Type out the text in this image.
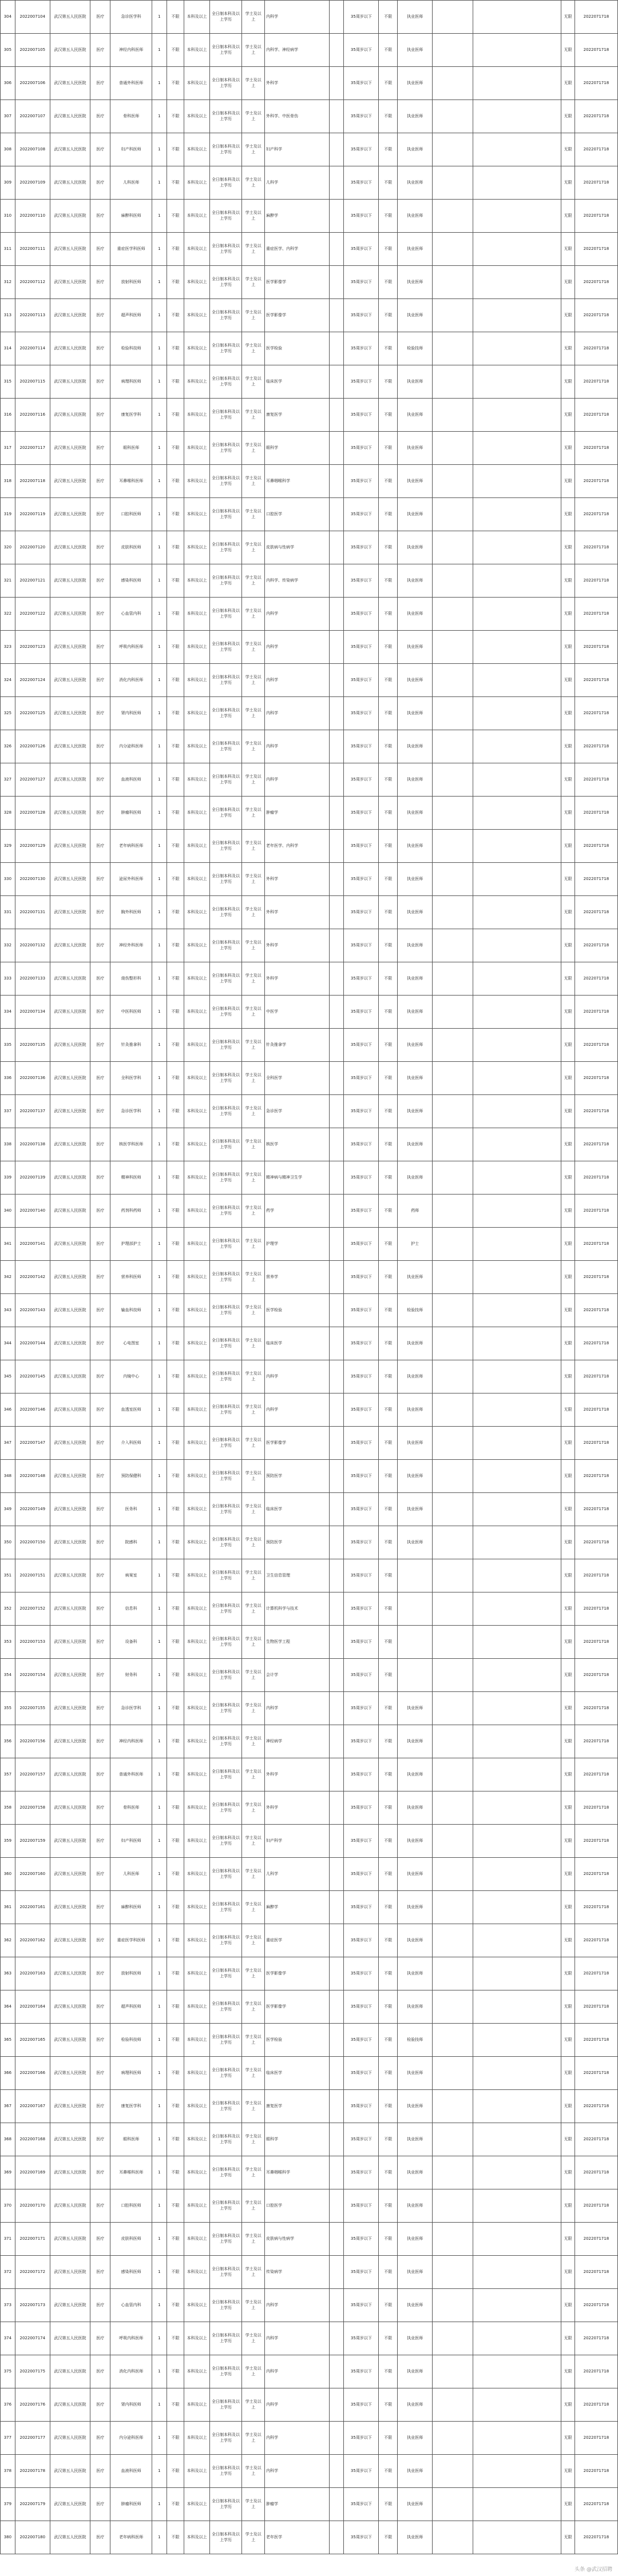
304	2022007104	武汉第五人民医院	医疗	急诊医学科	1	不限	本科及以上	全日制本科及以上学历	学士及以上	内科学		35周岁以下	不限	执业医师			无限	2022071718
305	2022007105	武汉第五人民医院	医疗	神经内科医师	1	不限	本科及以上	全日制本科及以上学历	学士及以上	内科学、神经病学		35周岁以下	不限	执业医师			无限	2022071718
306	2022007106	武汉第五人民医院	医疗	普通外科医师	1	不限	本科及以上	全日制本科及以上学历	学士及以上	外科学		35周岁以下	不限	执业医师			无限	2022071718
307	2022007107	武汉第五人民医院	医疗	骨科医师	1	不限	本科及以上	全日制本科及以上学历	学士及以上	外科学、中医骨伤		35周岁以下	不限	执业医师			无限	2022071718
308	2022007108	武汉第五人民医院	医疗	妇产科医师	1	不限	本科及以上	全日制本科及以上学历	学士及以上	妇产科学		35周岁以下	不限	执业医师			无限	2022071718
309	2022007109	武汉第五人民医院	医疗	儿科医师	1	不限	本科及以上	全日制本科及以上学历	学士及以上	儿科学		35周岁以下	不限	执业医师			无限	2022071718
310	2022007110	武汉第五人民医院	医疗	麻醉科医师	1	不限	本科及以上	全日制本科及以上学历	学士及以上	麻醉学		35周岁以下	不限	执业医师			无限	2022071718
311	2022007111	武汉第五人民医院	医疗	重症医学科医师	1	不限	本科及以上	全日制本科及以上学历	学士及以上	重症医学、内科学		35周岁以下	不限	执业医师			无限	2022071718
312	2022007112	武汉第五人民医院	医疗	放射科医师	1	不限	本科及以上	全日制本科及以上学历	学士及以上	医学影像学		35周岁以下	不限	执业医师			无限	2022071718
313	2022007113	武汉第五人民医院	医疗	超声科医师	1	不限	本科及以上	全日制本科及以上学历	学士及以上	医学影像学		35周岁以下	不限	执业医师			无限	2022071718
314	2022007114	武汉第五人民医院	医疗	检验科技师	1	不限	本科及以上	全日制本科及以上学历	学士及以上	医学检验		35周岁以下	不限	检验技师			无限	2022071718
315	2022007115	武汉第五人民医院	医疗	病理科医师	1	不限	本科及以上	全日制本科及以上学历	学士及以上	临床医学		35周岁以下	不限	执业医师			无限	2022071718
316	2022007116	武汉第五人民医院	医疗	康复医学科	1	不限	本科及以上	全日制本科及以上学历	学士及以上	康复医学		35周岁以下	不限	执业医师			无限	2022071718
317	2022007117	武汉第五人民医院	医疗	眼科医师	1	不限	本科及以上	全日制本科及以上学历	学士及以上	眼科学		35周岁以下	不限	执业医师			无限	2022071718
318	2022007118	武汉第五人民医院	医疗	耳鼻喉科医师	1	不限	本科及以上	全日制本科及以上学历	学士及以上	耳鼻咽喉科学		35周岁以下	不限	执业医师			无限	2022071718
319	2022007119	武汉第五人民医院	医疗	口腔科医师	1	不限	本科及以上	全日制本科及以上学历	学士及以上	口腔医学		35周岁以下	不限	执业医师			无限	2022071718
320	2022007120	武汉第五人民医院	医疗	皮肤科医师	1	不限	本科及以上	全日制本科及以上学历	学士及以上	皮肤病与性病学		35周岁以下	不限	执业医师			无限	2022071718
321	2022007121	武汉第五人民医院	医疗	感染科医师	1	不限	本科及以上	全日制本科及以上学历	学士及以上	内科学、传染病学		35周岁以下	不限	执业医师			无限	2022071718
322	2022007122	武汉第五人民医院	医疗	心血管内科	1	不限	本科及以上	全日制本科及以上学历	学士及以上	内科学		35周岁以下	不限	执业医师			无限	2022071718
323	2022007123	武汉第五人民医院	医疗	呼吸内科医师	1	不限	本科及以上	全日制本科及以上学历	学士及以上	内科学		35周岁以下	不限	执业医师			无限	2022071718
324	2022007124	武汉第五人民医院	医疗	消化内科医师	1	不限	本科及以上	全日制本科及以上学历	学士及以上	内科学		35周岁以下	不限	执业医师			无限	2022071718
325	2022007125	武汉第五人民医院	医疗	肾内科医师	1	不限	本科及以上	全日制本科及以上学历	学士及以上	内科学		35周岁以下	不限	执业医师			无限	2022071718
326	2022007126	武汉第五人民医院	医疗	内分泌科医师	1	不限	本科及以上	全日制本科及以上学历	学士及以上	内科学		35周岁以下	不限	执业医师			无限	2022071718
327	2022007127	武汉第五人民医院	医疗	血液科医师	1	不限	本科及以上	全日制本科及以上学历	学士及以上	内科学		35周岁以下	不限	执业医师			无限	2022071718
328	2022007128	武汉第五人民医院	医疗	肿瘤科医师	1	不限	本科及以上	全日制本科及以上学历	学士及以上	肿瘤学		35周岁以下	不限	执业医师			无限	2022071718
329	2022007129	武汉第五人民医院	医疗	老年病科医师	1	不限	本科及以上	全日制本科及以上学历	学士及以上	老年医学、内科学		35周岁以下	不限	执业医师			无限	2022071718
330	2022007130	武汉第五人民医院	医疗	泌尿外科医师	1	不限	本科及以上	全日制本科及以上学历	学士及以上	外科学		35周岁以下	不限	执业医师			无限	2022071718
331	2022007131	武汉第五人民医院	医疗	胸外科医师	1	不限	本科及以上	全日制本科及以上学历	学士及以上	外科学		35周岁以下	不限	执业医师			无限	2022071718
332	2022007132	武汉第五人民医院	医疗	神经外科医师	1	不限	本科及以上	全日制本科及以上学历	学士及以上	外科学		35周岁以下	不限	执业医师			无限	2022071718
333	2022007133	武汉第五人民医院	医疗	烧伤整形科	1	不限	本科及以上	全日制本科及以上学历	学士及以上	外科学		35周岁以下	不限	执业医师			无限	2022071718
334	2022007134	武汉第五人民医院	医疗	中医科医师	1	不限	本科及以上	全日制本科及以上学历	学士及以上	中医学		35周岁以下	不限	执业医师			无限	2022071718
335	2022007135	武汉第五人民医院	医疗	针灸推拿科	1	不限	本科及以上	全日制本科及以上学历	学士及以上	针灸推拿学		35周岁以下	不限	执业医师			无限	2022071718
336	2022007136	武汉第五人民医院	医疗	全科医学科	1	不限	本科及以上	全日制本科及以上学历	学士及以上	全科医学		35周岁以下	不限	执业医师			无限	2022071718
337	2022007137	武汉第五人民医院	医疗	急诊医学科	1	不限	本科及以上	全日制本科及以上学历	学士及以上	急诊医学		35周岁以下	不限	执业医师			无限	2022071718
338	2022007138	武汉第五人民医院	医疗	核医学科医师	1	不限	本科及以上	全日制本科及以上学历	学士及以上	核医学		35周岁以下	不限	执业医师			无限	2022071718
339	2022007139	武汉第五人民医院	医疗	精神科医师	1	不限	本科及以上	全日制本科及以上学历	学士及以上	精神病与精神卫生学		35周岁以下	不限	执业医师			无限	2022071718
340	2022007140	武汉第五人民医院	医疗	药剂科药师	1	不限	本科及以上	全日制本科及以上学历	学士及以上	药学		35周岁以下	不限	药师			无限	2022071718
341	2022007141	武汉第五人民医院	医疗	护理部护士	1	不限	本科及以上	全日制本科及以上学历	学士及以上	护理学		35周岁以下	不限	护士			无限	2022071718
342	2022007142	武汉第五人民医院	医疗	营养科医师	1	不限	本科及以上	全日制本科及以上学历	学士及以上	营养学		35周岁以下	不限	执业医师			无限	2022071718
343	2022007143	武汉第五人民医院	医疗	输血科技师	1	不限	本科及以上	全日制本科及以上学历	学士及以上	医学检验		35周岁以下	不限	检验技师			无限	2022071718
344	2022007144	武汉第五人民医院	医疗	心电图室	1	不限	本科及以上	全日制本科及以上学历	学士及以上	临床医学		35周岁以下	不限	执业医师			无限	2022071718
345	2022007145	武汉第五人民医院	医疗	内镜中心	1	不限	本科及以上	全日制本科及以上学历	学士及以上	内科学		35周岁以下	不限	执业医师			无限	2022071718
346	2022007146	武汉第五人民医院	医疗	血透室医师	1	不限	本科及以上	全日制本科及以上学历	学士及以上	内科学		35周岁以下	不限	执业医师			无限	2022071718
347	2022007147	武汉第五人民医院	医疗	介入科医师	1	不限	本科及以上	全日制本科及以上学历	学士及以上	医学影像学		35周岁以下	不限	执业医师			无限	2022071718
348	2022007148	武汉第五人民医院	医疗	预防保健科	1	不限	本科及以上	全日制本科及以上学历	学士及以上	预防医学		35周岁以下	不限	执业医师			无限	2022071718
349	2022007149	武汉第五人民医院	医疗	医务科	1	不限	本科及以上	全日制本科及以上学历	学士及以上	临床医学		35周岁以下	不限	执业医师			无限	2022071718
350	2022007150	武汉第五人民医院	医疗	院感科	1	不限	本科及以上	全日制本科及以上学历	学士及以上	预防医学		35周岁以下	不限	执业医师			无限	2022071718
351	2022007151	武汉第五人民医院	医疗	病案室	1	不限	本科及以上	全日制本科及以上学历	学士及以上	卫生信息管理		35周岁以下	不限				无限	2022071718
352	2022007152	武汉第五人民医院	医疗	信息科	1	不限	本科及以上	全日制本科及以上学历	学士及以上	计算机科学与技术		35周岁以下	不限				无限	2022071718
353	2022007153	武汉第五人民医院	医疗	设备科	1	不限	本科及以上	全日制本科及以上学历	学士及以上	生物医学工程		35周岁以下	不限				无限	2022071718
354	2022007154	武汉第五人民医院	医疗	财务科	1	不限	本科及以上	全日制本科及以上学历	学士及以上	会计学		35周岁以下	不限				无限	2022071718
355	2022007155	武汉第五人民医院	医疗	急诊医学科	1	不限	本科及以上	全日制本科及以上学历	学士及以上	内科学		35周岁以下	不限	执业医师			无限	2022071718
356	2022007156	武汉第五人民医院	医疗	神经内科医师	1	不限	本科及以上	全日制本科及以上学历	学士及以上	神经病学		35周岁以下	不限	执业医师			无限	2022071718
357	2022007157	武汉第五人民医院	医疗	普通外科医师	1	不限	本科及以上	全日制本科及以上学历	学士及以上	外科学		35周岁以下	不限	执业医师			无限	2022071718
358	2022007158	武汉第五人民医院	医疗	骨科医师	1	不限	本科及以上	全日制本科及以上学历	学士及以上	外科学		35周岁以下	不限	执业医师			无限	2022071718
359	2022007159	武汉第五人民医院	医疗	妇产科医师	1	不限	本科及以上	全日制本科及以上学历	学士及以上	妇产科学		35周岁以下	不限	执业医师			无限	2022071718
360	2022007160	武汉第五人民医院	医疗	儿科医师	1	不限	本科及以上	全日制本科及以上学历	学士及以上	儿科学		35周岁以下	不限	执业医师			无限	2022071718
361	2022007161	武汉第五人民医院	医疗	麻醉科医师	1	不限	本科及以上	全日制本科及以上学历	学士及以上	麻醉学		35周岁以下	不限	执业医师			无限	2022071718
362	2022007162	武汉第五人民医院	医疗	重症医学科医师	1	不限	本科及以上	全日制本科及以上学历	学士及以上	重症医学		35周岁以下	不限	执业医师			无限	2022071718
363	2022007163	武汉第五人民医院	医疗	放射科医师	1	不限	本科及以上	全日制本科及以上学历	学士及以上	医学影像学		35周岁以下	不限	执业医师			无限	2022071718
364	2022007164	武汉第五人民医院	医疗	超声科医师	1	不限	本科及以上	全日制本科及以上学历	学士及以上	医学影像学		35周岁以下	不限	执业医师			无限	2022071718
365	2022007165	武汉第五人民医院	医疗	检验科技师	1	不限	本科及以上	全日制本科及以上学历	学士及以上	医学检验		35周岁以下	不限	检验技师			无限	2022071718
366	2022007166	武汉第五人民医院	医疗	病理科医师	1	不限	本科及以上	全日制本科及以上学历	学士及以上	临床医学		35周岁以下	不限	执业医师			无限	2022071718
367	2022007167	武汉第五人民医院	医疗	康复医学科	1	不限	本科及以上	全日制本科及以上学历	学士及以上	康复医学		35周岁以下	不限	执业医师			无限	2022071718
368	2022007168	武汉第五人民医院	医疗	眼科医师	1	不限	本科及以上	全日制本科及以上学历	学士及以上	眼科学		35周岁以下	不限	执业医师			无限	2022071718
369	2022007169	武汉第五人民医院	医疗	耳鼻喉科医师	1	不限	本科及以上	全日制本科及以上学历	学士及以上	耳鼻咽喉科学		35周岁以下	不限	执业医师			无限	2022071718
370	2022007170	武汉第五人民医院	医疗	口腔科医师	1	不限	本科及以上	全日制本科及以上学历	学士及以上	口腔医学		35周岁以下	不限	执业医师			无限	2022071718
371	2022007171	武汉第五人民医院	医疗	皮肤科医师	1	不限	本科及以上	全日制本科及以上学历	学士及以上	皮肤病与性病学		35周岁以下	不限	执业医师			无限	2022071718
372	2022007172	武汉第五人民医院	医疗	感染科医师	1	不限	本科及以上	全日制本科及以上学历	学士及以上	传染病学		35周岁以下	不限	执业医师			无限	2022071718
373	2022007173	武汉第五人民医院	医疗	心血管内科	1	不限	本科及以上	全日制本科及以上学历	学士及以上	内科学		35周岁以下	不限	执业医师			无限	2022071718
374	2022007174	武汉第五人民医院	医疗	呼吸内科医师	1	不限	本科及以上	全日制本科及以上学历	学士及以上	内科学		35周岁以下	不限	执业医师			无限	2022071718
375	2022007175	武汉第五人民医院	医疗	消化内科医师	1	不限	本科及以上	全日制本科及以上学历	学士及以上	内科学		35周岁以下	不限	执业医师			无限	2022071718
376	2022007176	武汉第五人民医院	医疗	肾内科医师	1	不限	本科及以上	全日制本科及以上学历	学士及以上	内科学		35周岁以下	不限	执业医师			无限	2022071718
377	2022007177	武汉第五人民医院	医疗	内分泌科医师	1	不限	本科及以上	全日制本科及以上学历	学士及以上	内科学		35周岁以下	不限	执业医师			无限	2022071718
378	2022007178	武汉第五人民医院	医疗	血液科医师	1	不限	本科及以上	全日制本科及以上学历	学士及以上	内科学		35周岁以下	不限	执业医师			无限	2022071718
379	2022007179	武汉第五人民医院	医疗	肿瘤科医师	1	不限	本科及以上	全日制本科及以上学历	学士及以上	肿瘤学		35周岁以下	不限	执业医师			无限	2022071718
380	2022007180	武汉第五人民医院	医疗	老年病科医师	1	不限	本科及以上	全日制本科及以上学历	学士及以上	老年医学		35周岁以下	不限	执业医师			无限	2022071718
头条 @武汉招聘
